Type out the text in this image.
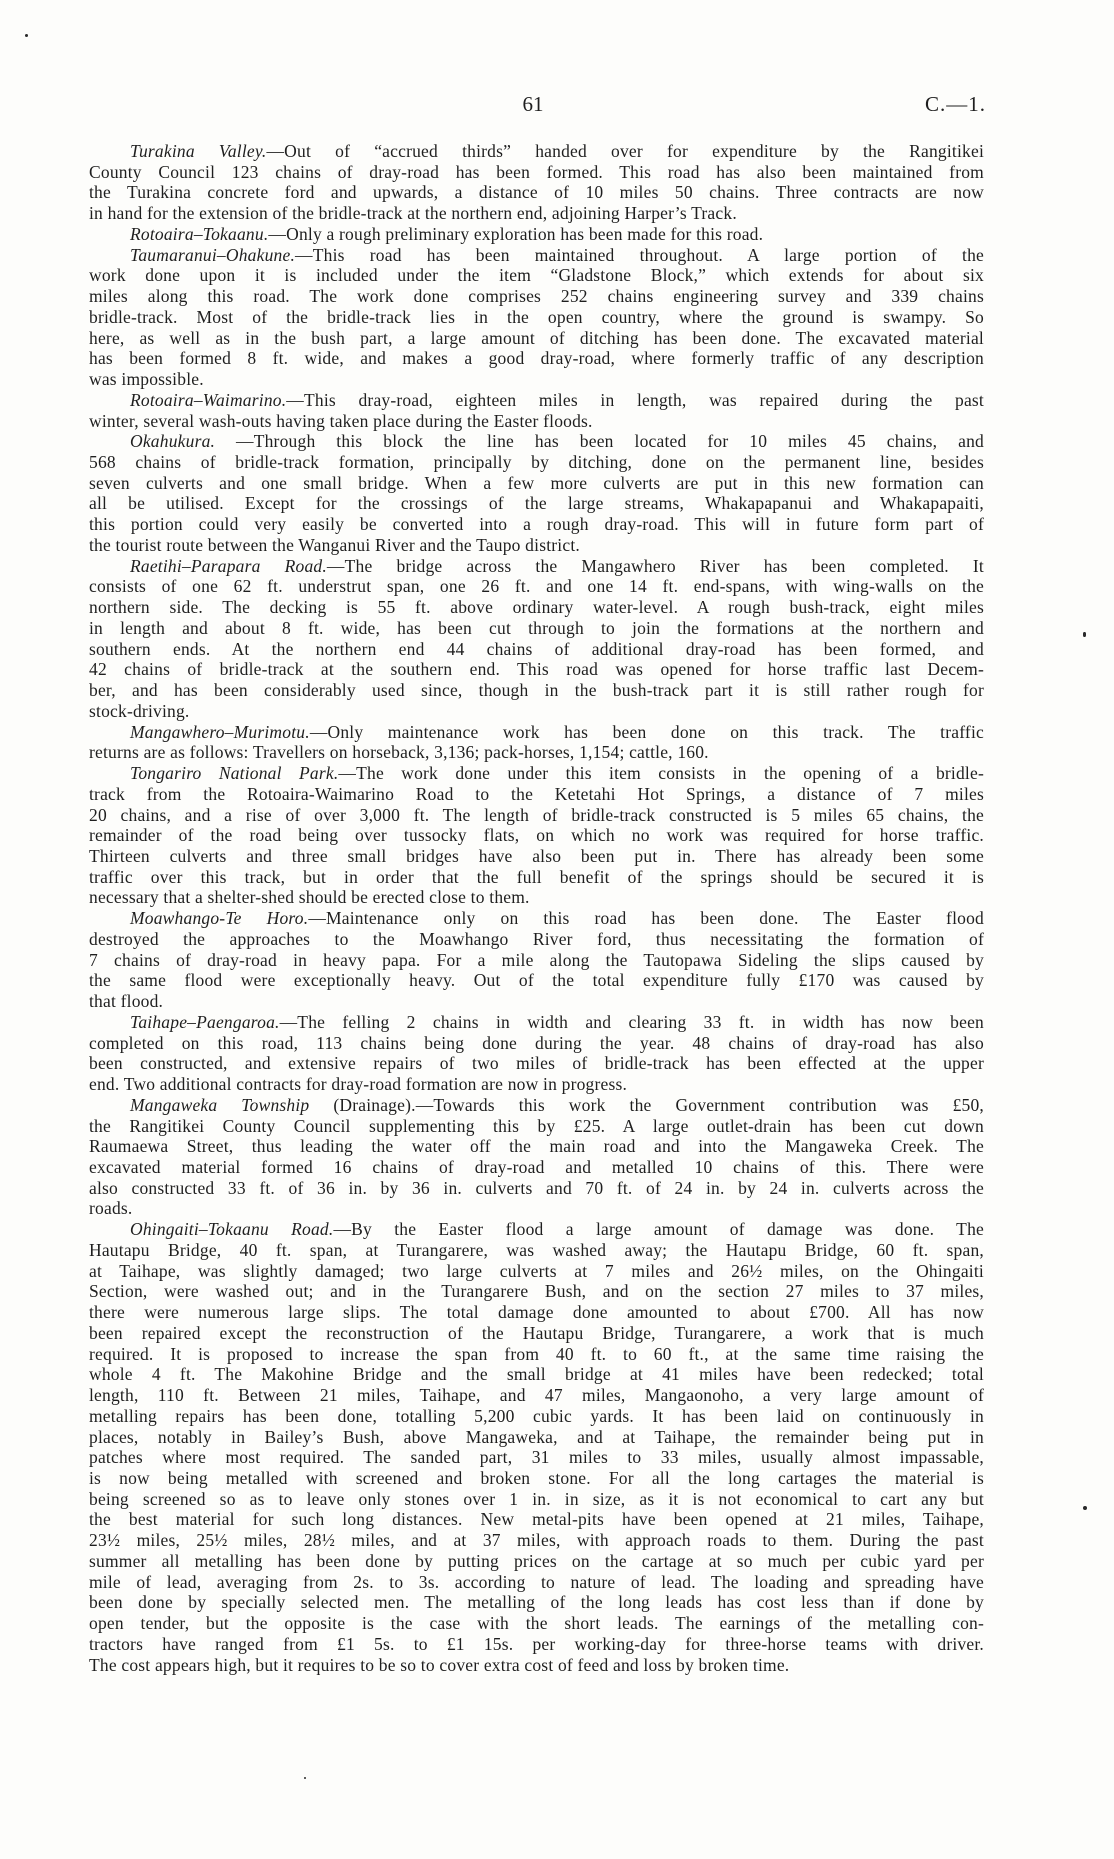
61	C.—1.
Turakina Valley.—Out of “accrued thirds” handed over for expenditure by the Rangitikei
County Council 123 chains of dray-road has been formed. This road has also been maintained from
the Turakina concrete ford and upwards, a distance of 10 miles 50 chains. Three contracts are now
in hand for the extension of the bridle-track at the northern end, adjoining Harper’s Track.
Rotoaira–Tokaanu.—Only a rough preliminary exploration has been made for this road.
Taumaranui–Ohakune.—This road has been maintained throughout. A large portion of the
work done upon it is included under the item “Gladstone Block,” which extends for about six
miles along this road. The work done comprises 252 chains engineering survey and 339 chains
bridle-track. Most of the bridle-track lies in the open country, where the ground is swampy. So
here, as well as in the bush part, a large amount of ditching has been done. The excavated material
has been formed 8 ft. wide, and makes a good dray-road, where formerly traffic of any description
was impossible.
Rotoaira–Waimarino.—This dray-road, eighteen miles in length, was repaired during the past
winter, several wash-outs having taken place during the Easter floods.
Okahukura. —Through this block the line has been located for 10 miles 45 chains, and
568 chains of bridle-track formation, principally by ditching, done on the permanent line, besides
seven culverts and one small bridge. When a few more culverts are put in this new formation can
all be utilised. Except for the crossings of the large streams, Whakapapanui and Whakapapaiti,
this portion could very easily be converted into a rough dray-road. This will in future form part of
the tourist route between the Wanganui River and the Taupo district.
Raetihi–Parapara Road.—The bridge across the Mangawhero River has been completed. It
consists of one 62 ft. understrut span, one 26 ft. and one 14 ft. end-spans, with wing-walls on the
northern side. The decking is 55 ft. above ordinary water-level. A rough bush-track, eight miles
in length and about 8 ft. wide, has been cut through to join the formations at the northern and
southern ends. At the northern end 44 chains of additional dray-road has been formed, and
42 chains of bridle-track at the southern end. This road was opened for horse traffic last Decem-
ber, and has been considerably used since, though in the bush-track part it is still rather rough for
stock-driving.
Mangawhero–Murimotu.—Only maintenance work has been done on this track. The traffic
returns are as follows: Travellers on horseback, 3,136; pack-horses, 1,154; cattle, 160.
Tongariro National Park.—The work done under this item consists in the opening of a bridle-
track from the Rotoaira-Waimarino Road to the Ketetahi Hot Springs, a distance of 7 miles
20 chains, and a rise of over 3,000 ft. The length of bridle-track constructed is 5 miles 65 chains, the
remainder of the road being over tussocky flats, on which no work was required for horse traffic.
Thirteen culverts and three small bridges have also been put in. There has already been some
traffic over this track, but in order that the full benefit of the springs should be secured it is
necessary that a shelter-shed should be erected close to them.
Moawhango-Te Horo.—Maintenance only on this road has been done. The Easter flood
destroyed the approaches to the Moawhango River ford, thus necessitating the formation of
7 chains of dray-road in heavy papa. For a mile along the Tautopawa Sideling the slips caused by
the same flood were exceptionally heavy. Out of the total expenditure fully £170 was caused by
that flood.
Taihape–Paengaroa.—The felling 2 chains in width and clearing 33 ft. in width has now been
completed on this road, 113 chains being done during the year. 48 chains of dray-road has also
been constructed, and extensive repairs of two miles of bridle-track has been effected at the upper
end. Two additional contracts for dray-road formation are now in progress.
Mangaweka Township (Drainage).—Towards this work the Government contribution was £50,
the Rangitikei County Council supplementing this by £25. A large outlet-drain has been cut down
Raumaewa Street, thus leading the water off the main road and into the Mangaweka Creek. The
excavated material formed 16 chains of dray-road and metalled 10 chains of this. There were
also constructed 33 ft. of 36 in. by 36 in. culverts and 70 ft. of 24 in. by 24 in. culverts across the
roads.
Ohingaiti–Tokaanu Road.—By the Easter flood a large amount of damage was done. The
Hautapu Bridge, 40 ft. span, at Turangarere, was washed away; the Hautapu Bridge, 60 ft. span,
at Taihape, was slightly damaged; two large culverts at 7 miles and 26½ miles, on the Ohingaiti
Section, were washed out; and in the Turangarere Bush, and on the section 27 miles to 37 miles,
there were numerous large slips. The total damage done amounted to about £700. All has now
been repaired except the reconstruction of the Hautapu Bridge, Turangarere, a work that is much
required. It is proposed to increase the span from 40 ft. to 60 ft., at the same time raising the
whole 4 ft. The Makohine Bridge and the small bridge at 41 miles have been redecked; total
length, 110 ft. Between 21 miles, Taihape, and 47 miles, Mangaonoho, a very large amount of
metalling repairs has been done, totalling 5,200 cubic yards. It has been laid on continuously in
places, notably in Bailey’s Bush, above Mangaweka, and at Taihape, the remainder being put in
patches where most required. The sanded part, 31 miles to 33 miles, usually almost impassable,
is now being metalled with screened and broken stone. For all the long cartages the material is
being screened so as to leave only stones over 1 in. in size, as it is not economical to cart any but
the best material for such long distances. New metal-pits have been opened at 21 miles, Taihape,
23½ miles, 25½ miles, 28½ miles, and at 37 miles, with approach roads to them. During the past
summer all metalling has been done by putting prices on the cartage at so much per cubic yard per
mile of lead, averaging from 2s. to 3s. according to nature of lead. The loading and spreading have
been done by specially selected men. The metalling of the long leads has cost less than if done by
open tender, but the opposite is the case with the short leads. The earnings of the metalling con-
tractors have ranged from £1 5s. to £1 15s. per working-day for three-horse teams with driver.
The cost appears high, but it requires to be so to cover extra cost of feed and loss by broken time.
